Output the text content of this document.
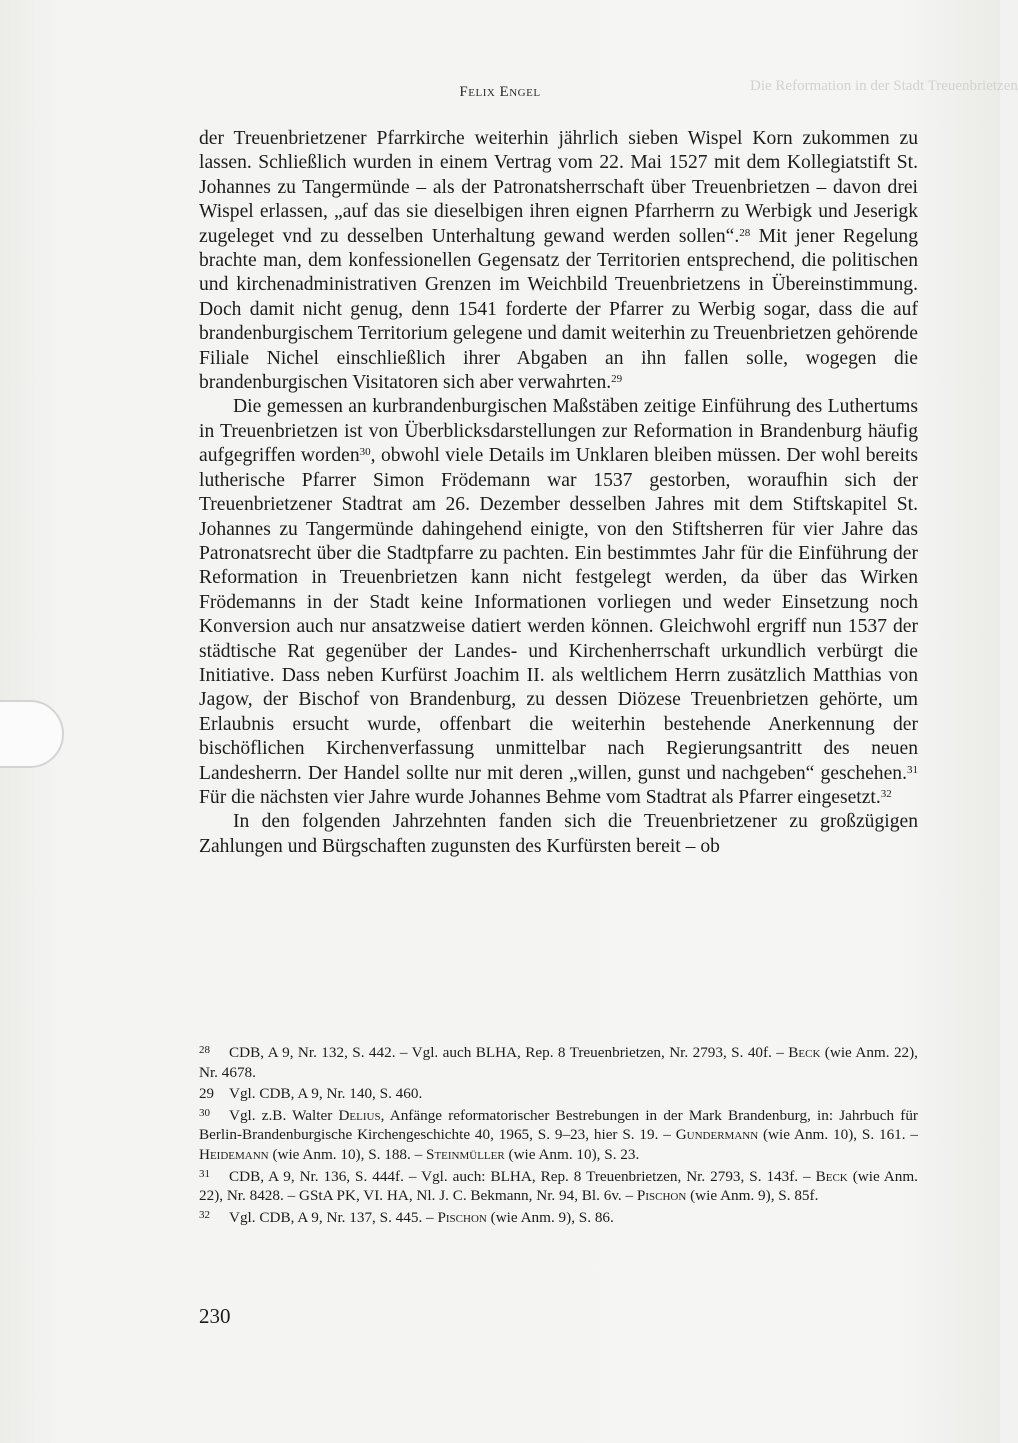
Die Reformation in der Stadt Treuenbrietzen
Felix Engel

der Treuenbrietzener Pfarrkirche weiterhin jährlich sieben Wispel Korn zukommen zu lassen. Schließlich wurden in einem Vertrag vom 22. Mai 1527 mit dem Kollegiatstift St. Johannes zu Tangermünde – als der Patronatsherrschaft über Treuenbrietzen – davon drei Wispel erlassen, „auf das sie dieselbigen ihren eignen Pfarrherrn zu Werbigk und Jeserigk zugeleget vnd zu desselben Unterhaltung gewand werden sollen“.$^{28}$ Mit jener Regelung brachte man, dem konfessionellen Gegensatz der Territorien entsprechend, die politischen und kirchenadministrativen Grenzen im Weichbild Treuenbrietzens in Übereinstimmung. Doch damit nicht genug, denn 1541 forderte der Pfarrer zu Werbig sogar, dass die auf brandenburgischem Territorium gelegene und damit weiterhin zu Treuenbrietzen gehörende Filiale Nichel einschließlich ihrer Abgaben an ihn fallen solle, wogegen die brandenburgischen Visitatoren sich aber verwahrten.$^{29}$

Die gemessen an kurbrandenburgischen Maßstäben zeitige Einführung des Luthertums in Treuenbrietzen ist von Überblicksdarstellungen zur Reformation in Brandenburg häufig aufgegriffen worden$^{30}$, obwohl viele Details im Unklaren bleiben müssen. Der wohl bereits lutherische Pfarrer Simon Frödemann war 1537 gestorben, woraufhin sich der Treuenbrietzener Stadtrat am 26. Dezember desselben Jahres mit dem Stiftskapitel St. Johannes zu Tangermünde dahingehend einigte, von den Stiftsherren für vier Jahre das Patronatsrecht über die Stadtpfarre zu pachten. Ein bestimmtes Jahr für die Einführung der Reformation in Treuenbrietzen kann nicht festgelegt werden, da über das Wirken Frödemanns in der Stadt keine Informationen vorliegen und weder Einsetzung noch Konversion auch nur ansatzweise datiert werden können. Gleichwohl ergriff nun 1537 der städtische Rat gegenüber der Landes- und Kirchenherrschaft urkundlich verbürgt die Initiative. Dass neben Kurfürst Joachim II. als weltlichem Herrn zusätzlich Matthias von Jagow, der Bischof von Brandenburg, zu dessen Diözese Treuenbrietzen gehörte, um Erlaubnis ersucht wurde, offenbart die weiterhin bestehende Anerkennung der bischöflichen Kirchenverfassung unmittelbar nach Regierungsantritt des neuen Landesherrn. Der Handel sollte nur mit deren „willen, gunst und nachgeben“ geschehen.$^{31}$ Für die nächsten vier Jahre wurde Johannes Behme vom Stadtrat als Pfarrer eingesetzt.$^{32}$

In den folgenden Jahrzehnten fanden sich die Treuenbrietzener zu großzügigen Zahlungen und Bürgschaften zugunsten des Kurfürsten bereit – ob

28 CDB, A 9, Nr. 132, S. 442. – Vgl. auch BLHA, Rep. 8 Treuenbrietzen, Nr. 2793, S. 40f. – Beck (wie Anm. 22), Nr. 4678.
29 Vgl. CDB, A 9, Nr. 140, S. 460.
30 Vgl. z.B. Walter Delius, Anfänge reformatorischer Bestrebungen in der Mark Brandenburg, in: Jahrbuch für Berlin-Brandenburgische Kirchengeschichte 40, 1965, S. 9–23, hier S. 19. – Gundermann (wie Anm. 10), S. 161. – Heidemann (wie Anm. 10), S. 188. – Steinmüller (wie Anm. 10), S. 23.
31 CDB, A 9, Nr. 136, S. 444f. – Vgl. auch: BLHA, Rep. 8 Treuenbrietzen, Nr. 2793, S. 143f. – Beck (wie Anm. 22), Nr. 8428. – GStA PK, VI. HA, Nl. J. C. Bekmann, Nr. 94, Bl. 6v. – Pischon (wie Anm. 9), S. 85f.
32 Vgl. CDB, A 9, Nr. 137, S. 445. – Pischon (wie Anm. 9), S. 86.
230
